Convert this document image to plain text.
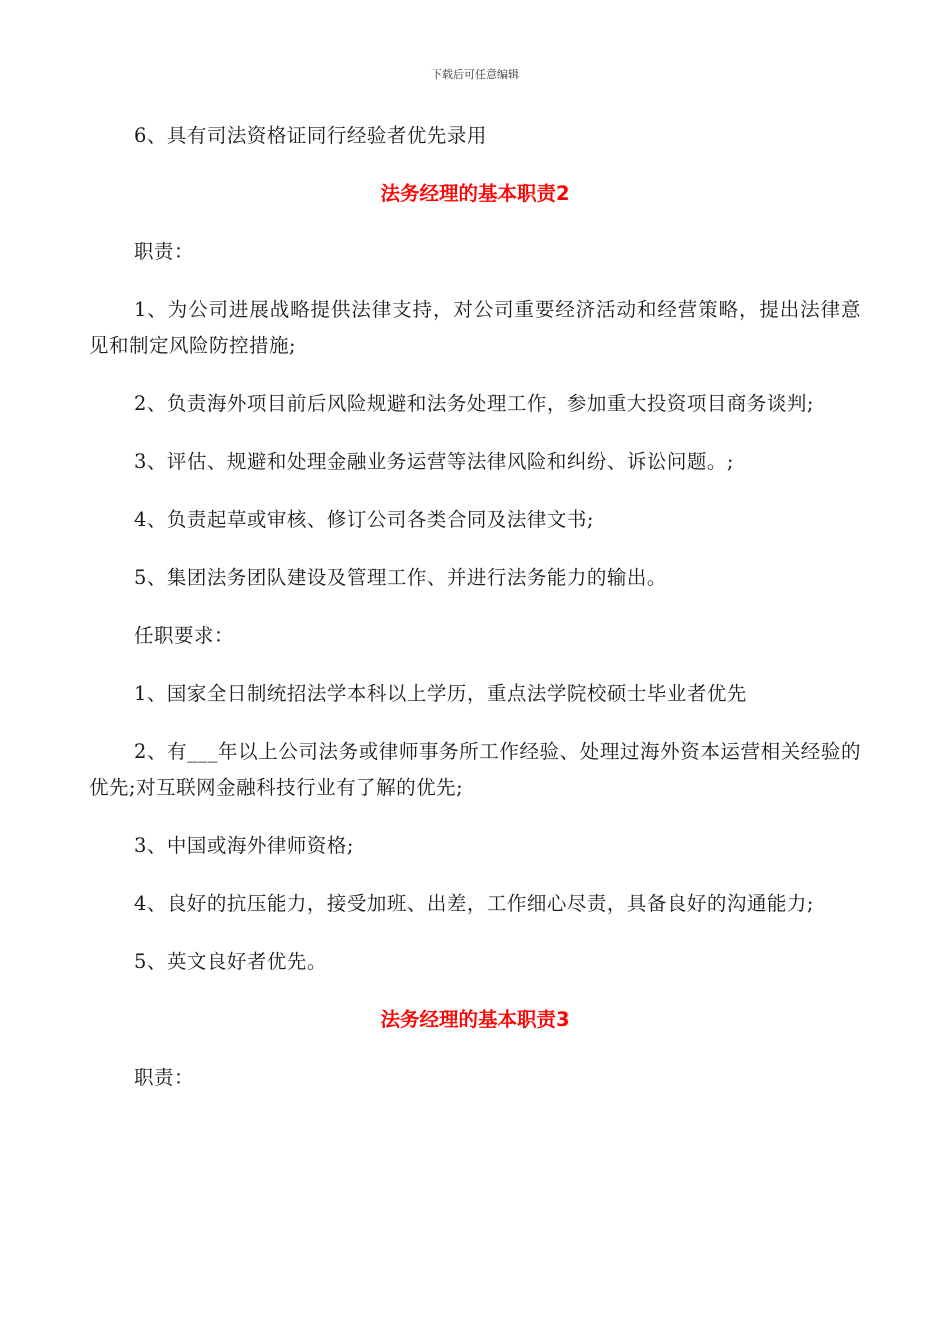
下载后可任意编辑

6、具有司法资格证同行经验者优先录用

法务经理的基本职责2

职责：

1、为公司进展战略提供法律支持，对公司重要经济活动和经营策略，提出法律意见和制定风险防控措施;

2、负责海外项目前后风险规避和法务处理工作，参加重大投资项目商务谈判;

3、评估、规避和处理金融业务运营等法律风险和纠纷、诉讼问题。;

4、负责起草或审核、修订公司各类合同及法律文书;

5、集团法务团队建设及管理工作、并进行法务能力的输出。

任职要求：

1、国家全日制统招法学本科以上学历，重点法学院校硕士毕业者优先

2、有___年以上公司法务或律师事务所工作经验、处理过海外资本运营相关经验的优先;对互联网金融科技行业有了解的优先;

3、中国或海外律师资格;

4、良好的抗压能力，接受加班、出差，工作细心尽责，具备良好的沟通能力;

5、英文良好者优先。

法务经理的基本职责3

职责：
